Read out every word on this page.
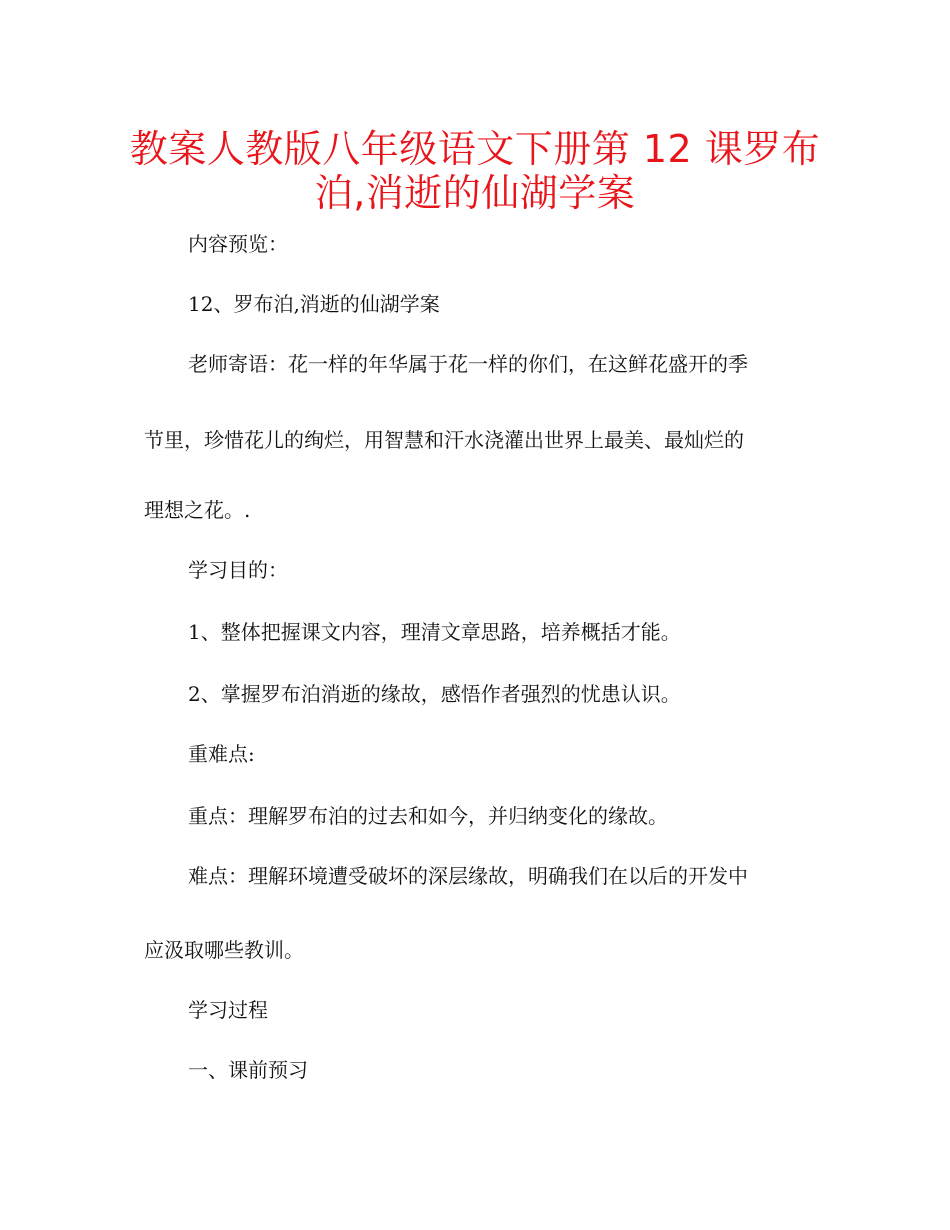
教案人教版八年级语文下册第 12 课罗布
泊,消逝的仙湖学案
内容预览：
12、罗布泊,消逝的仙湖学案
老师寄语：花一样的年华属于花一样的你们，在这鲜花盛开的季
节里，珍惜花儿的绚烂，用智慧和汗水浇灌出世界上最美、最灿烂的
理想之花。.
学习目的：
1、整体把握课文内容，理清文章思路，培养概括才能。
2、掌握罗布泊消逝的缘故，感悟作者强烈的忧患认识。
重难点:
重点：理解罗布泊的过去和如今，并归纳变化的缘故。
难点：理解环境遭受破坏的深层缘故，明确我们在以后的开发中
应汲取哪些教训。
学习过程
一、课前预习
